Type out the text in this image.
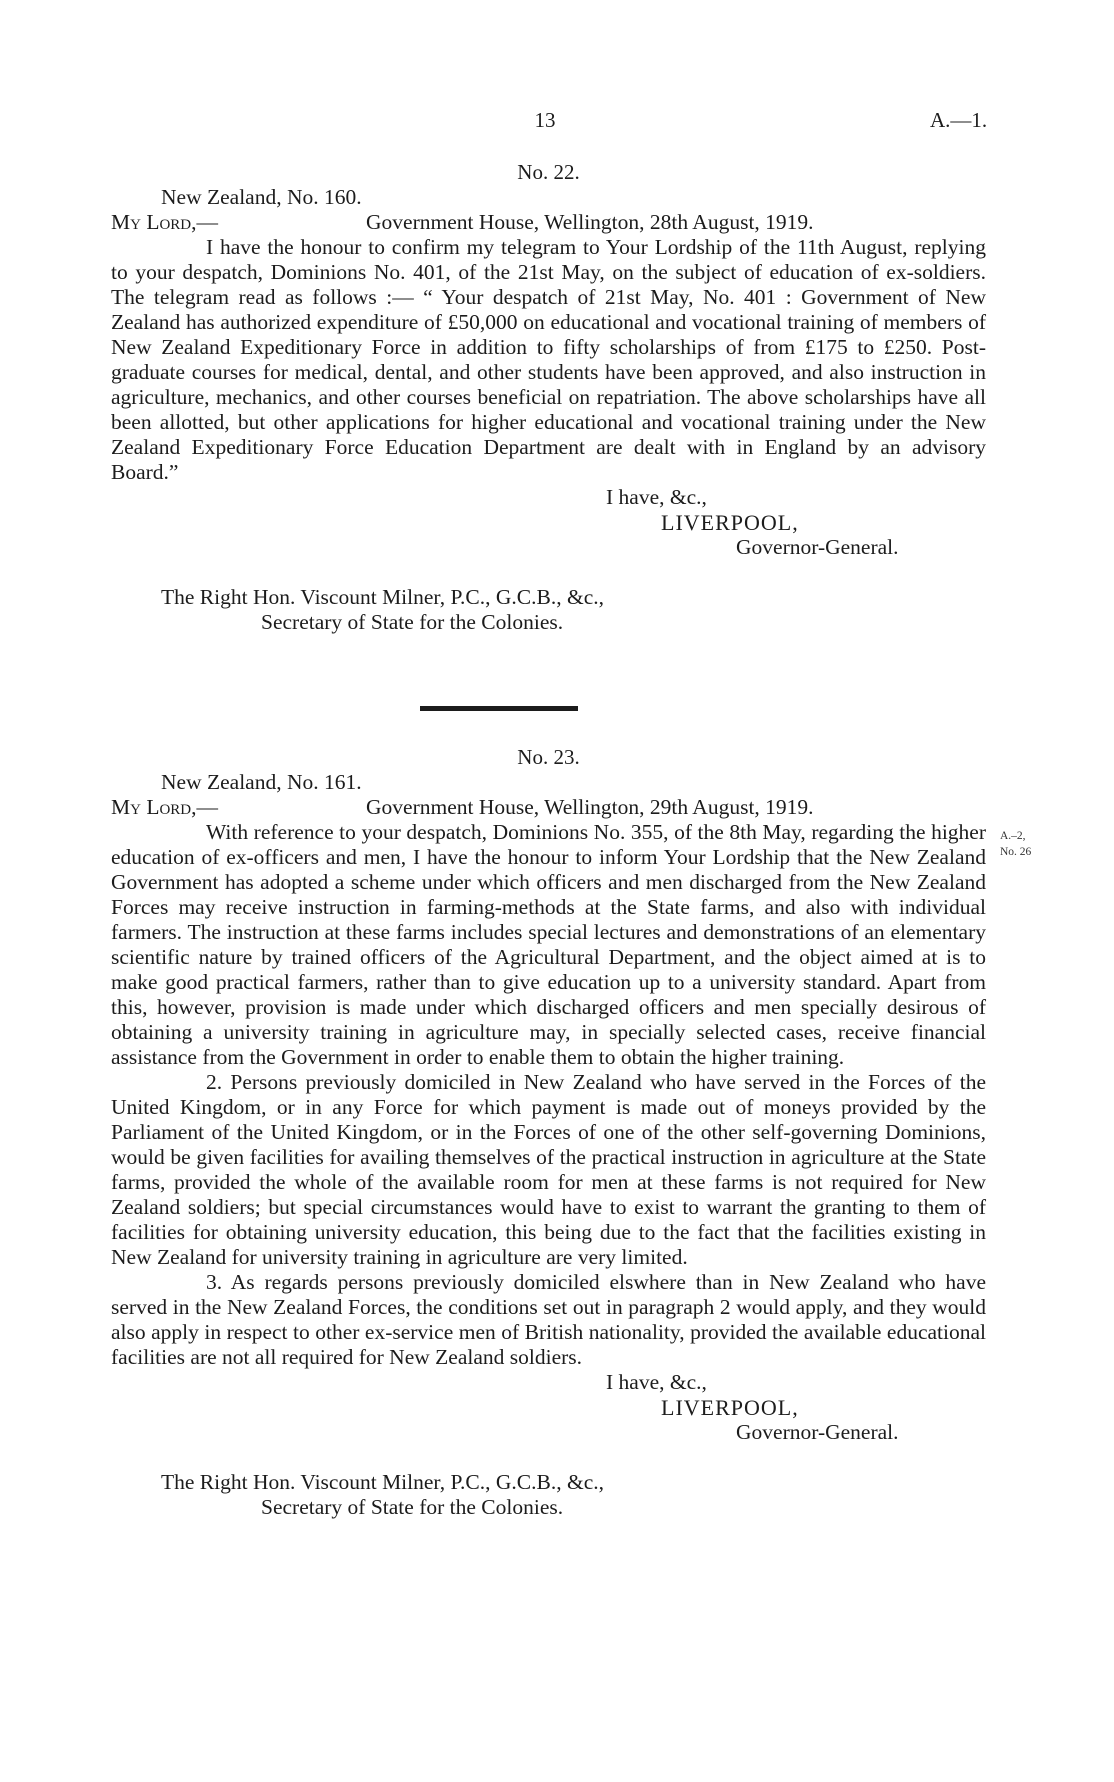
13	A.—1.
No. 22.
New Zealand, No. 160.
My Lord,—	Government House, Wellington, 28th August, 1919.

I have the honour to confirm my telegram to Your Lordship of the 11th August, replying to your despatch, Dominions No. 401, of the 21st May, on the subject of education of ex-soldiers. The telegram read as follows :— “ Your despatch of 21st May, No. 401 : Government of New Zealand has authorized expenditure of £50,000 on educational and vocational training of members of New Zealand Expeditionary Force in addition to fifty scholarships of from £175 to £250. Post-graduate courses for medical, dental, and other students have been approved, and also instruction in agriculture, mechanics, and other courses beneficial on repatriation. The above scholarships have all been allotted, but other applications for higher educational and vocational training under the New Zealand Expeditionary Force Education Department are dealt with in England by an advisory Board.”

I have, &c.,
LIVERPOOL,
Governor-General.
The Right Hon. Viscount Milner, P.C., G.C.B., &c.,
Secretary of State for the Colonies.
No. 23.
New Zealand, No. 161.
My Lord,—	Government House, Wellington, 29th August, 1919.

With reference to your despatch, Dominions No. 355, of the 8th May, regarding the higher education of ex-officers and men, I have the honour to inform Your Lordship that the New Zealand Government has adopted a scheme under which officers and men discharged from the New Zealand Forces may receive instruction in farming-methods at the State farms, and also with individual farmers. The instruction at these farms includes special lectures and demonstrations of an elementary scientific nature by trained officers of the Agricultural Department, and the object aimed at is to make good practical farmers, rather than to give education up to a university standard. Apart from this, however, provision is made under which discharged officers and men specially desirous of obtaining a university training in agriculture may, in specially selected cases, receive financial assistance from the Government in order to enable them to obtain the higher training.

2. Persons previously domiciled in New Zealand who have served in the Forces of the United Kingdom, or in any Force for which payment is made out of moneys provided by the Parliament of the United Kingdom, or in the Forces of one of the other self-governing Dominions, would be given facilities for availing themselves of the practical instruction in agriculture at the State farms, provided the whole of the available room for men at these farms is not required for New Zealand soldiers; but special circumstances would have to exist to warrant the granting to them of facilities for obtaining university education, this being due to the fact that the facilities existing in New Zealand for university training in agriculture are very limited.

3. As regards persons previously domiciled elswhere than in New Zealand who have served in the New Zealand Forces, the conditions set out in paragraph 2 would apply, and they would also apply in respect to other ex-service men of British nationality, provided the available educational facilities are not all required for New Zealand soldiers.

I have, &c.,
LIVERPOOL,
Governor-General.
The Right Hon. Viscount Milner, P.C., G.C.B., &c.,
Secretary of State for the Colonies.
A.–2,
No. 26
